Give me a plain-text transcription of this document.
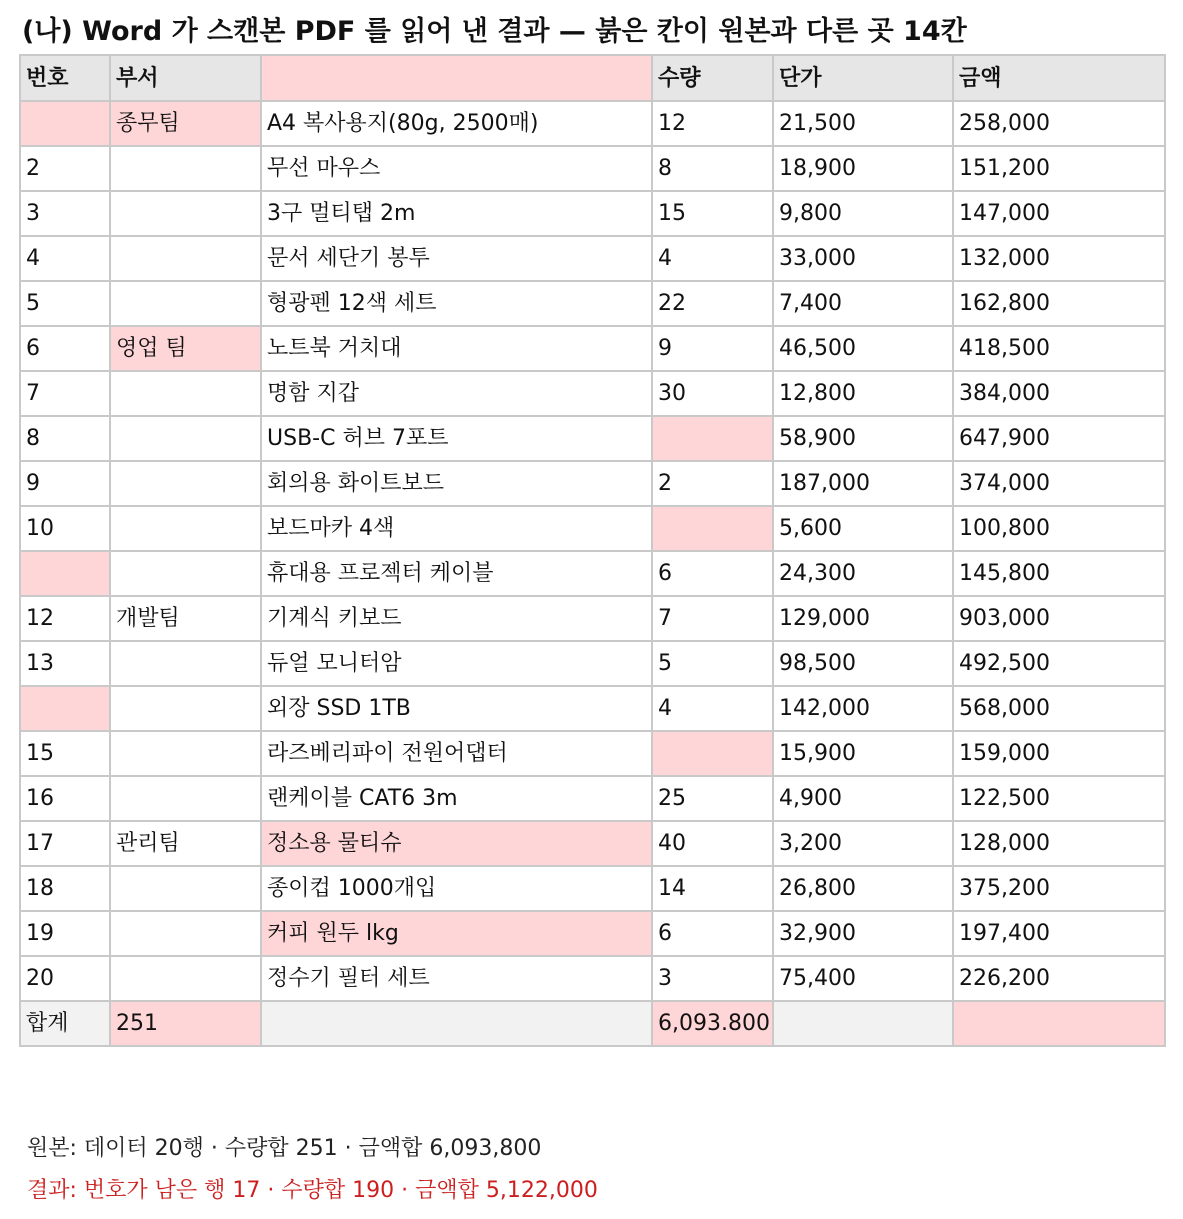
(나) Word 가 스캔본 PDF 를 읽어 낸 결과 — 붉은 칸이 원본과 다른 곳 14칸
번호	부서		수량	단가	금액
	종무팀	A4 복사용지(80g, 2500매)	12	21,500	258,000
2		무선 마우스	8	18,900	151,200
3		3구 멀티탭 2m	15	9,800	147,000
4		문서 세단기 봉투	4	33,000	132,000
5		형광펜 12색 세트	22	7,400	162,800
6	영업 팀	노트북 거치대	9	46,500	418,500
7		명함 지갑	30	12,800	384,000
8		USB-C 허브 7포트		58,900	647,900
9		회의용 화이트보드	2	187,000	374,000
10		보드마카 4색		5,600	100,800
		휴대용 프로젝터 케이블	6	24,300	145,800
12	개발팀	기계식 키보드	7	129,000	903,000
13		듀얼 모니터암	5	98,500	492,500
		외장 SSD 1TB	4	142,000	568,000
15		라즈베리파이 전원어댑터		15,900	159,000
16		랜케이블 CAT6 3m	25	4,900	122,500
17	관리팀	정소용 물티슈	40	3,200	128,000
18		종이컵 1000개입	14	26,800	375,200
19		커피 원두 lkg	6	32,900	197,400
20		정수기 필터 세트	3	75,400	226,200
합계	251		6,093.800		
원본: 데이터 20행 · 수량합 251 · 금액합 6,093,800
결과: 번호가 남은 행 17 · 수량합 190 · 금액합 5,122,000
